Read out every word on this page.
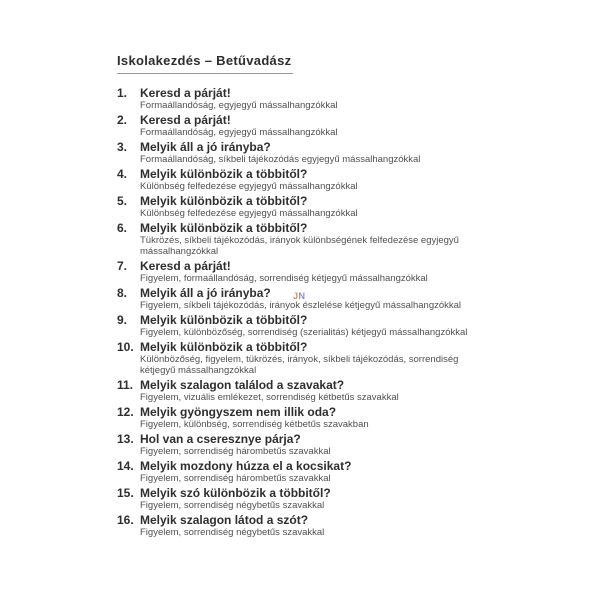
Iskolakezdés – Betűvadász
1.	Keresd a párját!
Formaállandóság, egyjegyű mássalhangzókkal
2.	Keresd a párját!
Formaállandóság, egyjegyű mássalhangzókkal
3.	Melyik áll a jó irányba?
Formaállandóság, síkbeli tájékozódás egyjegyű mássalhangzókkal
4.	Melyik különbözik a többitől?
Különbség felfedezése egyjegyű mássalhangzókkal
5.	Melyik különbözik a többitől?
Különbség felfedezése egyjegyű mássalhangzókkal
6.	Melyik különbözik a többitől?
Tükrözés, síkbeli tájékozódás, irányok különbségének felfedezése egyjegyű mássalhangzókkal
7.	Keresd a párját!
Figyelem, formaállandóság, sorrendiség kétjegyű mássalhangzókkal
8.	Melyik áll a jó irányba?
Figyelem, síkbeli tájékozódás, irányok észlelése kétjegyű mássalhangzókkal
9.	Melyik különbözik a többitől?
Figyelem, különbözőség, sorrendiség (szerialitás) kétjegyű mássalhangzókkal
10. Melyik különbözik a többitől?
Különbözőség, figyelem, tükrözés, irányok, síkbeli tájékozódás, sorrendiség kétjegyű mássalhangzókkal
11. Melyik szalagon találod a szavakat?
Figyelem, vizuális emlékezet, sorrendiség kétbetűs szavakkal
12. Melyik gyöngyszem nem illik oda?
Figyelem, különbség, sorrendiség kétbetűs szavakban
13. Hol van a cseresznye párja?
Figyelem, sorrendiség hárombetűs szavakkal
14. Melyik mozdony húzza el a kocsikat?
Figyelem, sorrendiség hárombetűs szavakkal
15. Melyik szó különbözik a többitől?
Figyelem, sorrendiség négybetűs szavakkal
16. Melyik szalagon látod a szót?
Figyelem, sorrendiség négybetűs szavakkal
JN
